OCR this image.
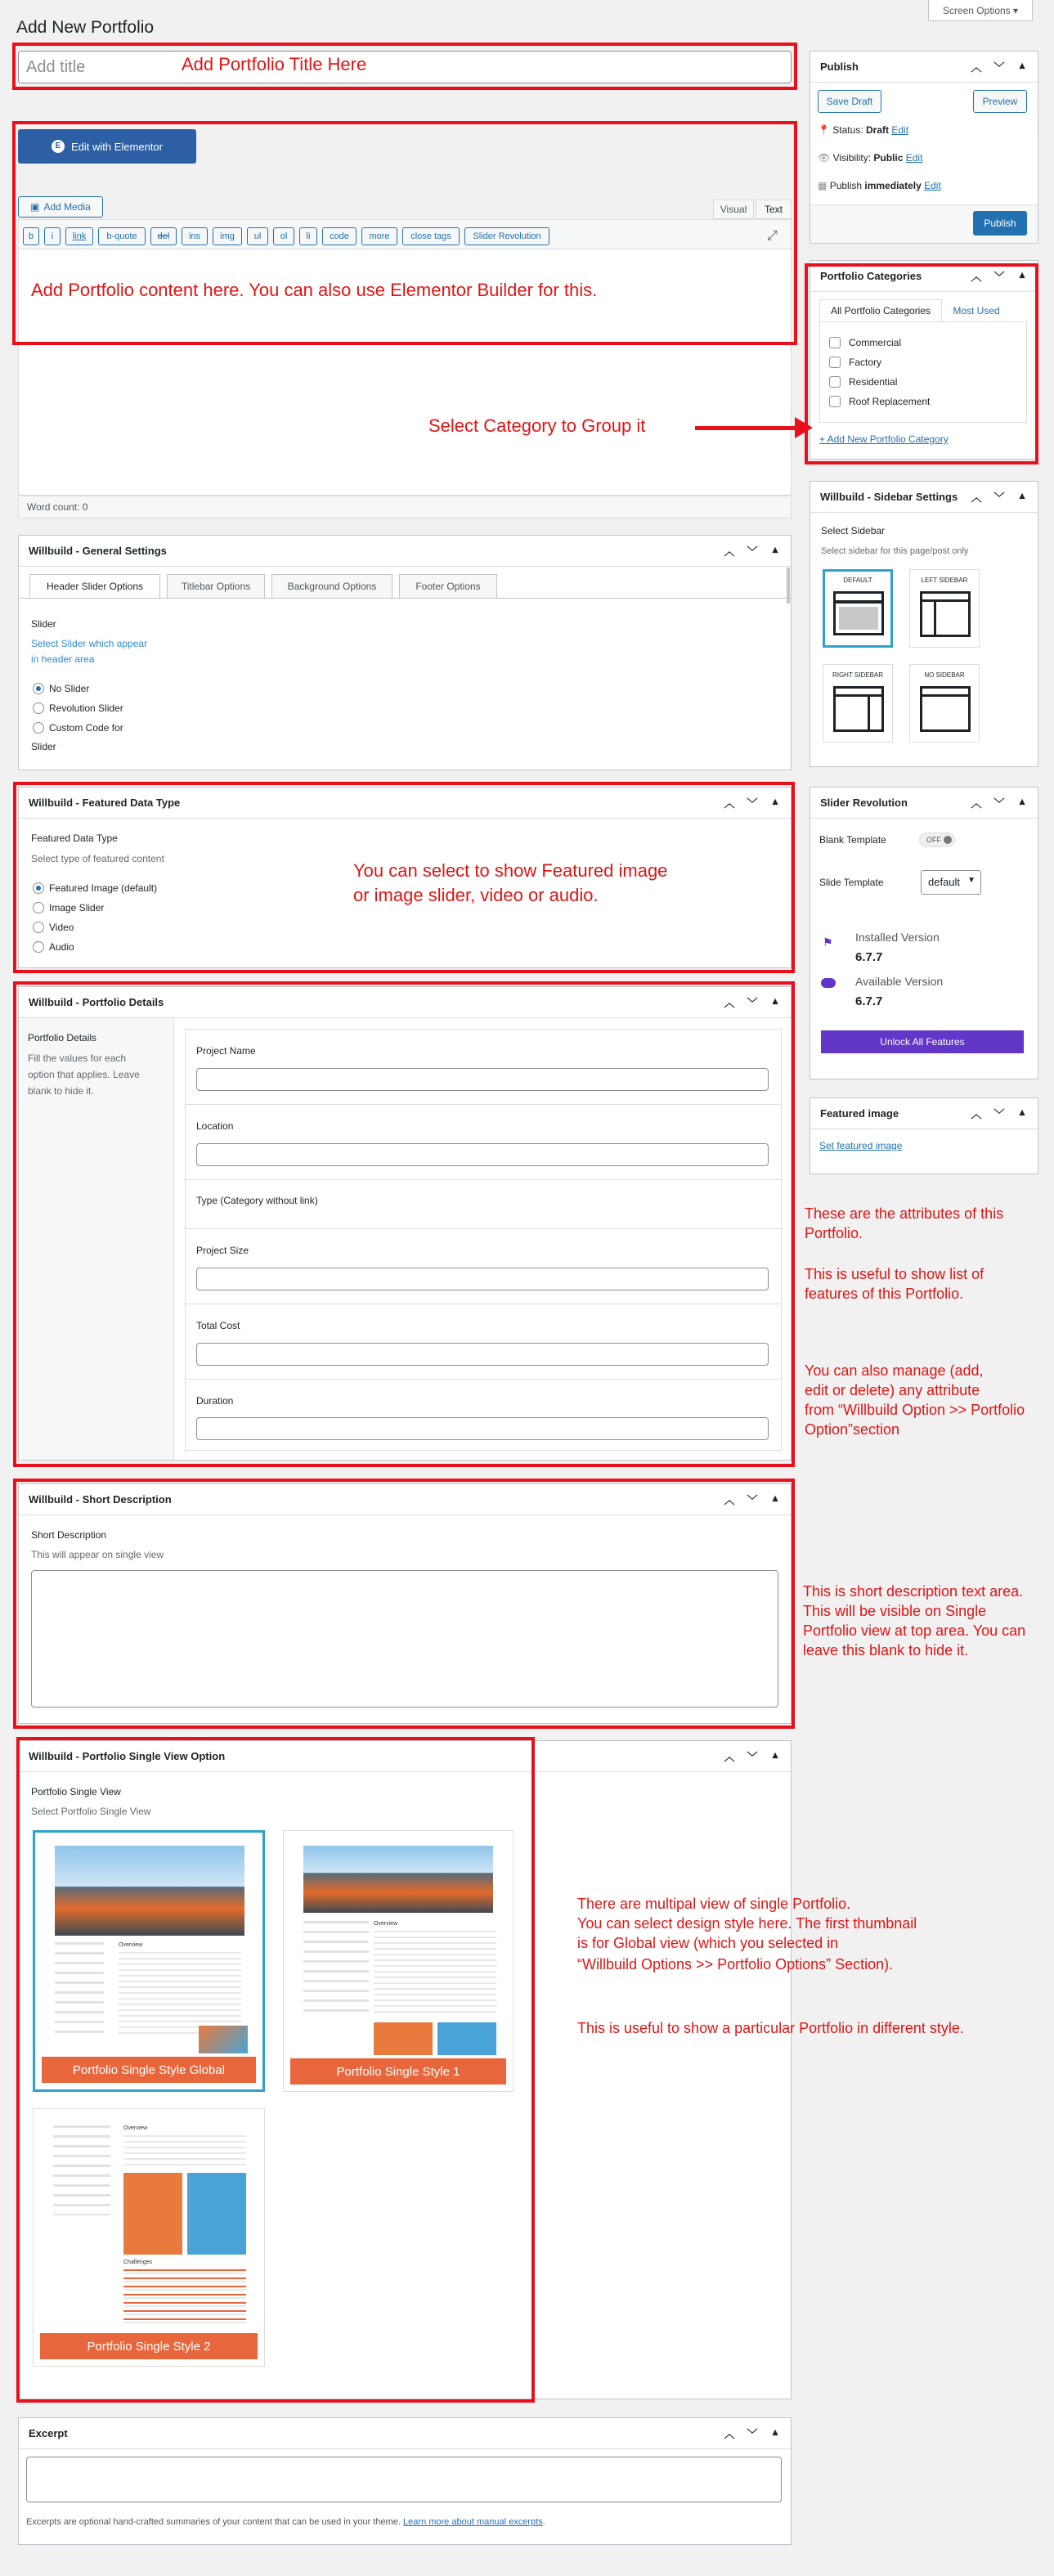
Screen Options ▾
Add New Portfolio
Add title	Add Portfolio Title Here
E Edit with Elementor
▣ Add Media	Visual	Text
b	i	link	b-quote	del	ins	img	ul	ol	li	code	more	close tags	Slider Revolution	⤢
Word count: 0
Add Portfolio content here. You can also use Elementor Builder for this.
Willbuild - General Settings	︿ ﹀ ▴
Header Slider Options	Titlebar Options	Background Options	Footer Options
Slider
Select Slider which appear
in header area
No Slider
Revolution Slider
Custom Code for
Slider
Willbuild - Featured Data Type	︿ ﹀ ▴
Featured Data Type
Select type of featured content
Featured Image (default)
Image Slider
Video
Audio
You can select to show Featured image
or image slider, video or audio.
Willbuild - Portfolio Details	︿ ﹀ ▴
Portfolio Details
Fill the values for each
option that applies. Leave
blank to hide it.
Project Name
Location
Type (Category without link)
Project Size
Total Cost
Duration
Willbuild - Short Description	︿ ﹀ ▴
Short Description
This will appear on single view
Willbuild - Portfolio Single View Option	︿ ﹀ ▴
Portfolio Single View
Select Portfolio Single View
Overview
Portfolio Single Style Global
Overview
Portfolio Single Style 1
Overview
Challenges
Portfolio Single Style 2
Excerpt	︿ ﹀ ▴
Excerpts are optional hand-crafted summaries of your content that can be used in your theme. Learn more about manual excerpts.
Publish	︿ ﹀ ▴
Save Draft	Preview
📍 Status: Draft Edit
👁 Visibility: Public Edit
▦ Publish immediately Edit
Publish
Portfolio Categories	︿ ﹀ ▴
All Portfolio Categories	Most Used
Commercial
Factory
Residential
Roof Replacement
+ Add New Portfolio Category
Select Category to Group it
Willbuild - Sidebar Settings	︿ ﹀ ▴
Select Sidebar
Select sidebar for this page/post only
DEFAULT	LEFT SIDEBAR
RIGHT SIDEBAR	NO SIDEBAR
Slider Revolution	︿ ﹀ ▴
Blank Template	OFF
Slide Template	default ▼
⚑ Installed Version
6.7.7
Available Version
6.7.7
Unlock All Features
Featured image	︿ ﹀ ▴
Set featured image
These are the attributes of this
Portfolio.
This is useful to show list of
features of this Portfolio.
You can also manage (add,
edit or delete) any attribute
from “Willbuild Option >> Portfolio
Option”section
This is short description text area.
This will be visible on Single
Portfolio view at top area. You can
leave this blank to hide it.
There are multipal view of single Portfolio.
You can select design style here. The first thumbnail
is for Global view (which you selected in
“Willbuild Options >> Portfolio Options” Section).
This is useful to show a particular Portfolio in different style.
